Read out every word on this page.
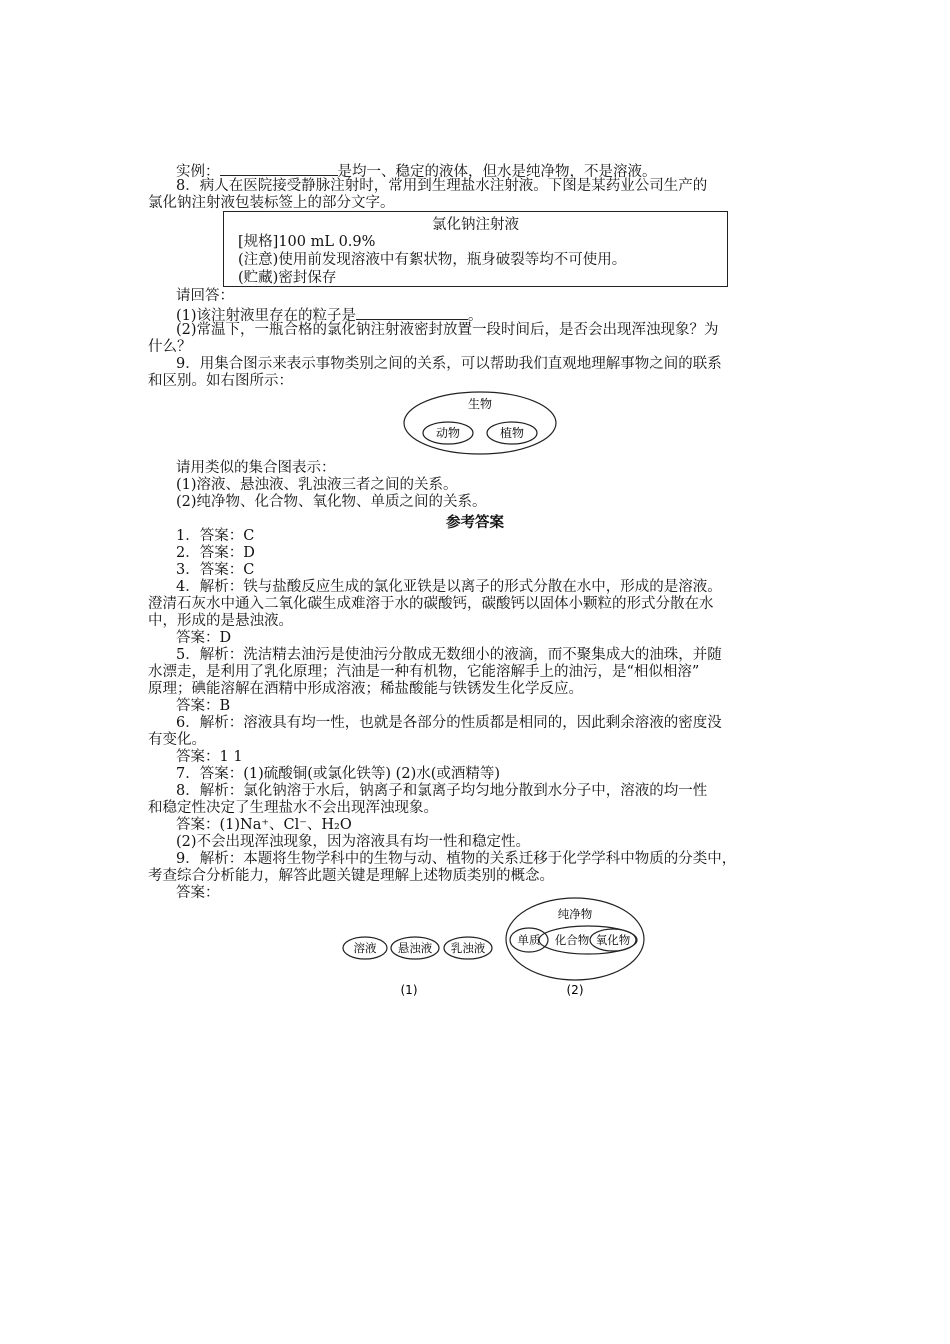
实例：	是均一、稳定的液体，但水是纯净物，不是溶液。
8．病人在医院接受静脉注射时，常用到生理盐水注射液。下图是某药业公司生产的
氯化钠注射液包装标签上的部分文字。
氯化钠注射液
[规格]100 mL 0.9%
(注意)使用前发现溶液中有絮状物，瓶身破裂等均不可使用。
(贮藏)密封保存
请回答：
(1)该注射液里存在的粒子是	。
(2)常温下，一瓶合格的氯化钠注射液密封放置一段时间后，是否会出现浑浊现象？为
什么？
9．用集合图示来表示事物类别之间的关系，可以帮助我们直观地理解事物之间的联系
和区别。如右图所示：
生物
动物	植物
请用类似的集合图表示：
(1)溶液、悬浊液、乳浊液三者之间的关系。
(2)纯净物、化合物、氧化物、单质之间的关系。
参考答案
1．答案：C
2．答案：D
3．答案：C
4．解析：铁与盐酸反应生成的氯化亚铁是以离子的形式分散在水中，形成的是溶液。
澄清石灰水中通入二氧化碳生成难溶于水的碳酸钙，碳酸钙以固体小颗粒的形式分散在水
中，形成的是悬浊液。
答案：D
5．解析：洗洁精去油污是使油污分散成无数细小的液滴，而不聚集成大的油珠，并随
水漂走，是利用了乳化原理；汽油是一种有机物，它能溶解手上的油污，是“相似相溶”
原理；碘能溶解在酒精中形成溶液；稀盐酸能与铁锈发生化学反应。
答案：B
6．解析：溶液具有均一性，也就是各部分的性质都是相同的，因此剩余溶液的密度没
有变化。
答案：1 1
7．答案：(1)硫酸铜(或氯化铁等) (2)水(或酒精等)
8．解析：氯化钠溶于水后，钠离子和氯离子均匀地分散到水分子中，溶液的均一性
和稳定性决定了生理盐水不会出现浑浊现象。
答案：(1)Na⁺、Cl⁻、H₂O
(2)不会出现浑浊现象，因为溶液具有均一性和稳定性。
9．解析：本题将生物学科中的生物与动、植物的关系迁移于化学学科中物质的分类中，
考查综合分析能力，解答此题关键是理解上述物质类别的概念。
答案：
溶液 悬浊液 乳浊液
(1)
纯净物
单质 化合物 氧化物
(2)
